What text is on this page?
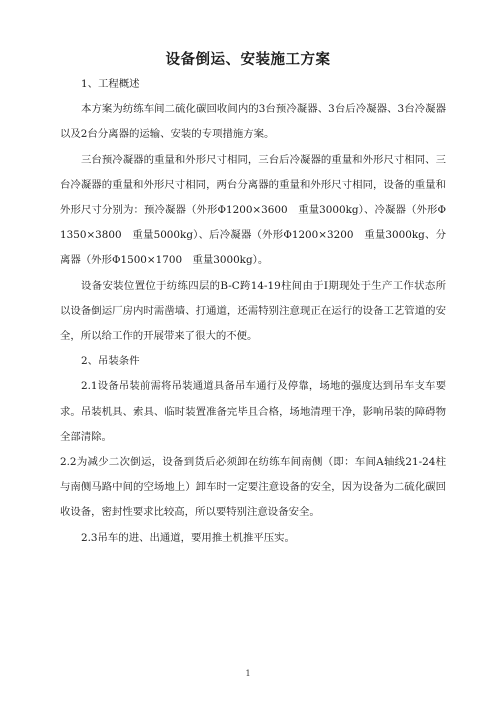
设备倒运、安装施工方案

1、工程概述

本方案为纺练车间二硫化碳回收间内的3台预冷凝器、3台后冷凝器、3台冷凝器以及2台分离器的运输、安装的专项措施方案。

三台预冷凝器的重量和外形尺寸相同，三台后冷凝器的重量和外形尺寸相同、三台冷凝器的重量和外形尺寸相同，两台分离器的重量和外形尺寸相同，设备的重量和外形尺寸分别为：预冷凝器（外形Φ1200×3600　重量3000kg）、冷凝器（外形Φ1350×3800　重量5000kg）、后冷凝器（外形Φ1200×3200　重量3000kg、分离器（外形Φ1500×1700　重量3000kg）。

设备安装位置位于纺练四层的B-C跨14-19柱间由于Ⅰ期现处于生产工作状态所以设备倒运厂房内时需凿墙、打通道，还需特别注意现正在运行的设备工艺管道的安全，所以给工作的开展带来了很大的不便。

2、吊装条件

2.1设备吊装前需将吊装通道具备吊车通行及停靠，场地的强度达到吊车支车要求。吊装机具、索具、临时装置准备完毕且合格，场地清理干净，影响吊装的障碍物全部清除。

2.2为减少二次倒运，设备到货后必须卸在纺练车间南侧（即：车间A轴线21-24柱与南侧马路中间的空场地上）卸车时一定要注意设备的安全，因为设备为二硫化碳回收设备，密封性要求比较高，所以要特别注意设备安全。

2.3吊车的进、出通道，要用推土机推平压实。

1
